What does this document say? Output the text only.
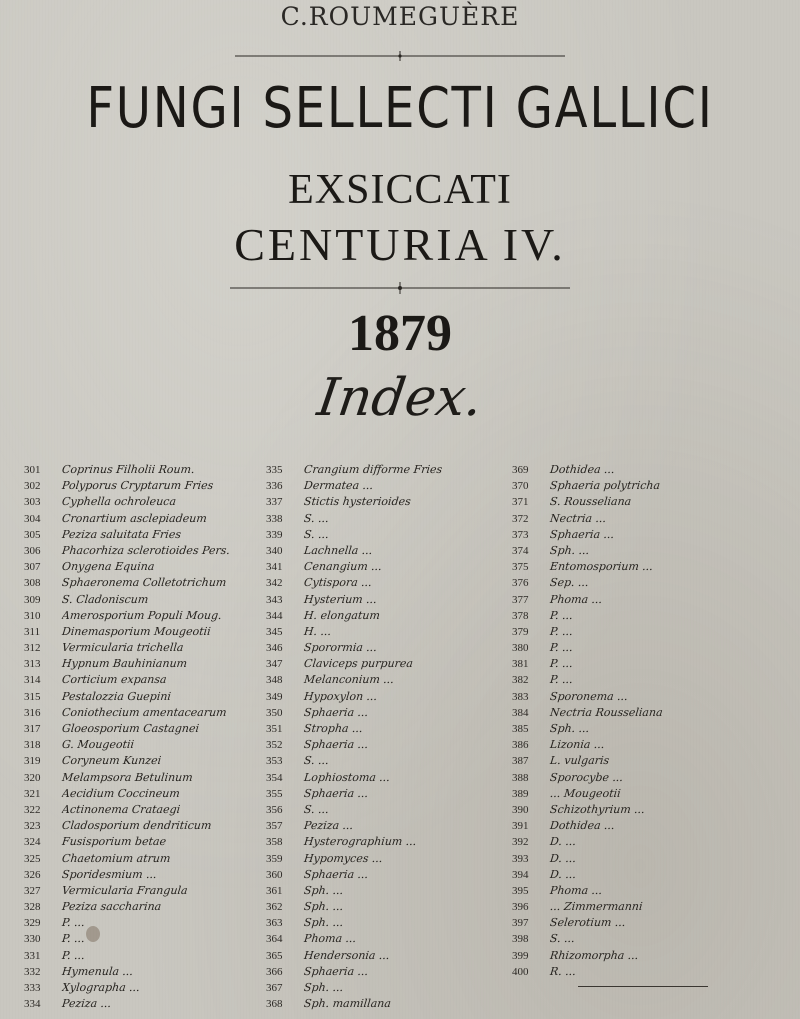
C.ROUMEGUÈRE
FUNGI SELLECTI GALLICI
EXSICCATI
CENTURIA IV.
1879
Index.
301	Coprinus Filholii Roum.
302	Polyporus Cryptarum Fries
303	Cyphella ochroleuca
304	Cronartium asclepiadeum
305	Peziza saluitata Fries
306	Phacorhiza sclerotioides Pers.
307	Onygena Equina
308	Sphaeronema Colletotrichum
309	S. Cladoniscum
310	Amerosporium Populi Moug.
311	Dinemasporium Mougeotii
312	Vermicularia trichella
313	Hypnum Bauhinianum
314	Corticium expansa
315	Pestalozzia Guepini
316	Coniothecium amentacearum
317	Gloeosporium Castagnei
318	G. Mougeotii
319	Coryneum Kunzei
320	Melampsora Betulinum
321	Aecidium Coccineum
322	Actinonema Crataegi
323	Cladosporium dendriticum
324	Fusisporium betae
325	Chaetomium atrum
326	Sporidesmium ...
327	Vermicularia Frangula
328	Peziza saccharina
329	P. ...
330	P. ...
331	P. ...
332	Hymenula ...
333	Xylographa ...
334	Peziza ...
335	Crangium difforme Fries
336	Dermatea ...
337	Stictis hysterioides
338	S. ...
339	S. ...
340	Lachnella ...
341	Cenangium ...
342	Cytispora ...
343	Hysterium ...
344	H. elongatum
345	H. ...
346	Sporormia ...
347	Claviceps purpurea
348	Melanconium ...
349	Hypoxylon ...
350	Sphaeria ...
351	Stropha ...
352	Sphaeria ...
353	S. ...
354	Lophiostoma ...
355	Sphaeria ...
356	S. ...
357	Peziza ...
358	Hysterographium ...
359	Hypomyces ...
360	Sphaeria ...
361	Sph. ...
362	Sph. ...
363	Sph. ...
364	Phoma ...
365	Hendersonia ...
366	Sphaeria ...
367	Sph. ...
368	Sph. mamillana
369	Dothidea ...
370	Sphaeria polytricha
371	S. Rousseliana
372	Nectria ...
373	Sphaeria ...
374	Sph. ...
375	Entomosporium ...
376	Sep. ...
377	Phoma ...
378	P. ...
379	P. ...
380	P. ...
381	P. ...
382	P. ...
383	Sporonema ...
384	Nectria Rousseliana
385	Sph. ...
386	Lizonia ...
387	L. vulgaris
388	Sporocybe ...
389	... Mougeotii
390	Schizothyrium ...
391	Dothidea ...
392	D. ...
393	D. ...
394	D. ...
395	Phoma ...
396	... Zimmermanni
397	Selerotium ...
398	S. ...
399	Rhizomorpha ...
400	R. ...
